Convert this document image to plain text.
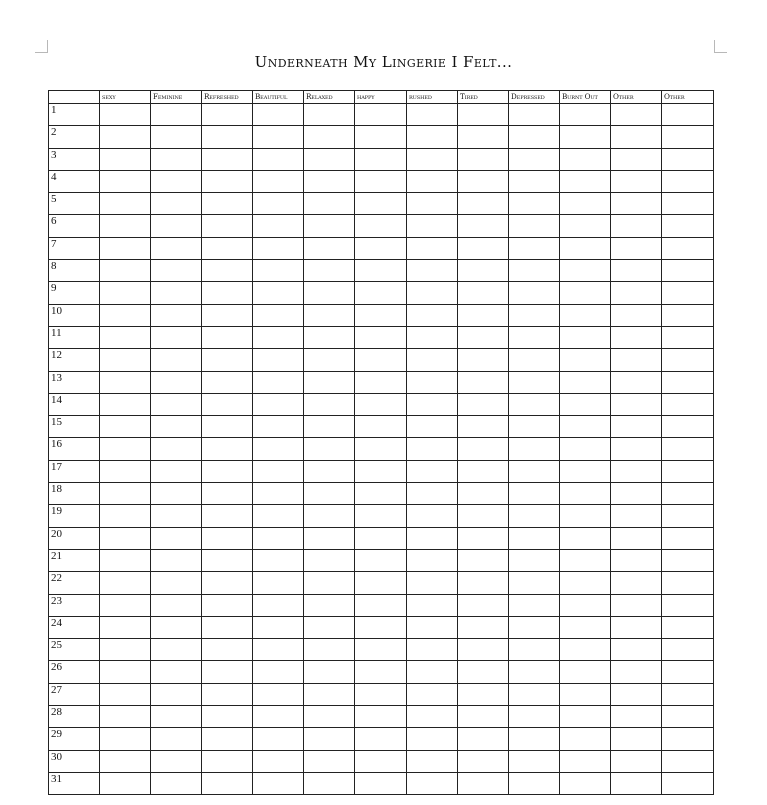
Underneath My Lingerie I Felt...
	sexy	Feminine	Refreshed	Beautiful	Relaxed	happy	rushed	Tired	Depressed	Burnt Out	Other	Other
1												
2												
3												
4												
5												
6												
7												
8												
9												
10												
11												
12												
13												
14												
15												
16												
17												
18												
19												
20												
21												
22												
23												
24												
25												
26												
27												
28												
29												
30												
31												
